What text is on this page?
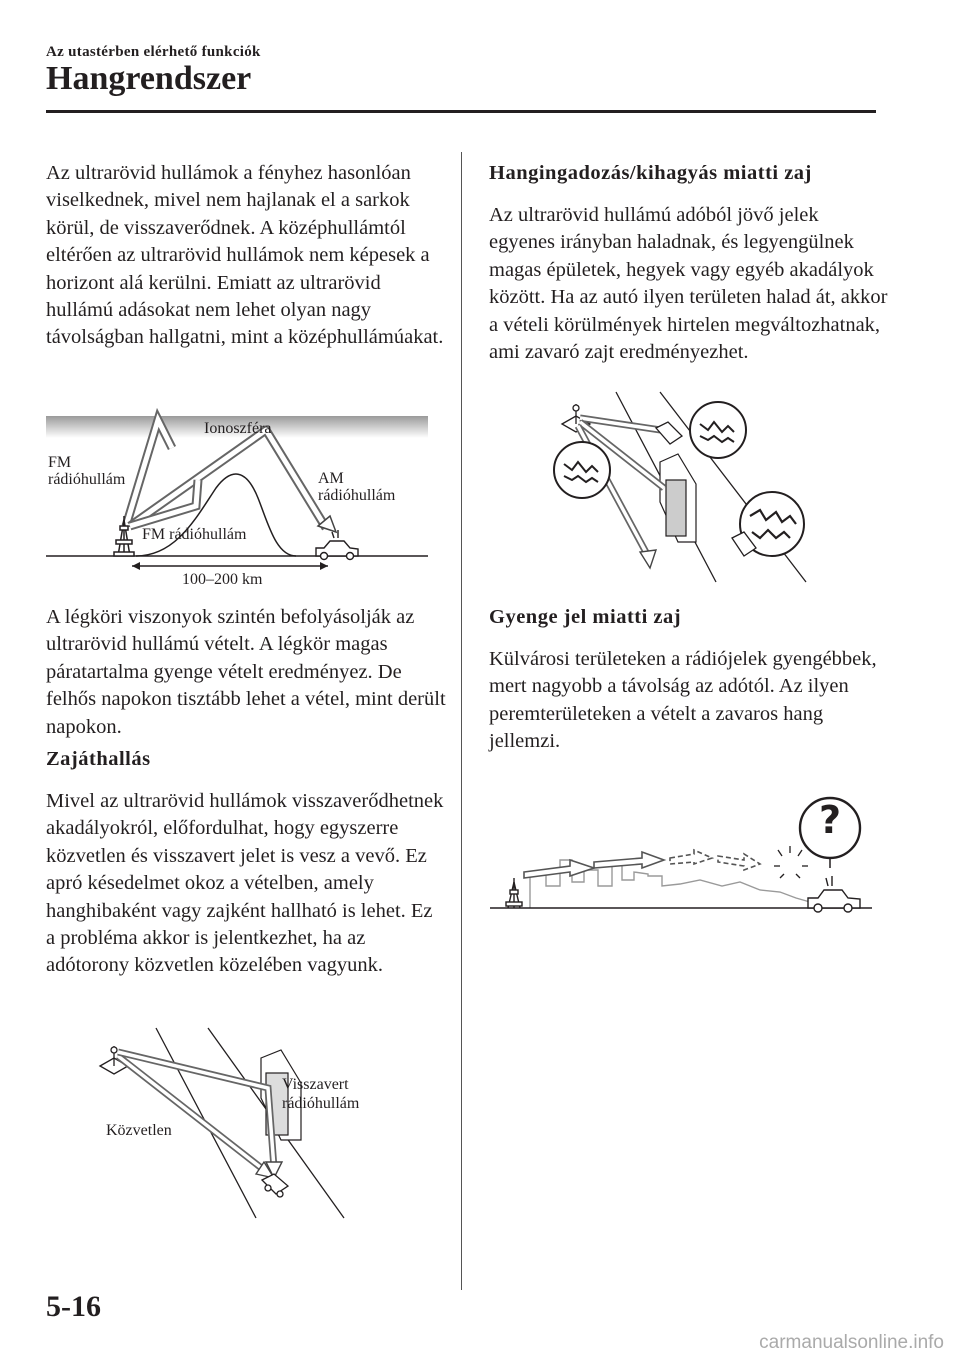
Az utastérben elérhető funkciók
Hangrendszer

Az ultrarövid hullámok a fényhez hasonlóan viselkednek, mivel nem hajlanak el a sarkok körül, de visszaverődnek. A középhullámtól eltérően az ultrarövid hullámok nem képesek a horizont alá kerülni. Emiatt az ultrarövid hullámú adásokat nem lehet olyan nagy távolságban hallgatni, mint a középhullámúakat.

Ionoszféra
FM
rádióhullám	AM
rádióhullám
FM rádióhullám
100–200 km

A légköri viszonyok szintén befolyásolják az ultrarövid hullámú vételt. A légkör magas páratartalma gyenge vételt eredményez. De felhős napokon tisztább lehet a vétel, mint derült napokon.

Zajáthallás

Mivel az ultrarövid hullámok visszaverődhetnek akadályokról, előfordulhat, hogy egyszerre közvetlen és visszavert jelet is vesz a vevő. Ez apró késedelmet okoz a vételben, amely hanghibaként vagy zajként hallható is lehet. Ez a probléma akkor is jelentkezhet, ha az adótorony közvetlen közelében vagyunk.

Visszavert
rádióhullám
Közvetlen
Hangingadozás/kihagyás miatti zaj

Az ultrarövid hullámú adóból jövő jelek egyenes irányban haladnak, és legyengülnek magas épületek, hegyek vagy egyéb akadályok között. Ha az autó ilyen területen halad át, akkor a vételi körülmények hirtelen megváltozhatnak, ami zavaró zajt eredményezhet.

Gyenge jel miatti zaj

Külvárosi területeken a rádiójelek gyengébbek, mert nagyobb a távolság az adótól. Az ilyen peremterületeken a vételt a zavaros hang jellemzi.

?
5-16
carmanualsonline.info
